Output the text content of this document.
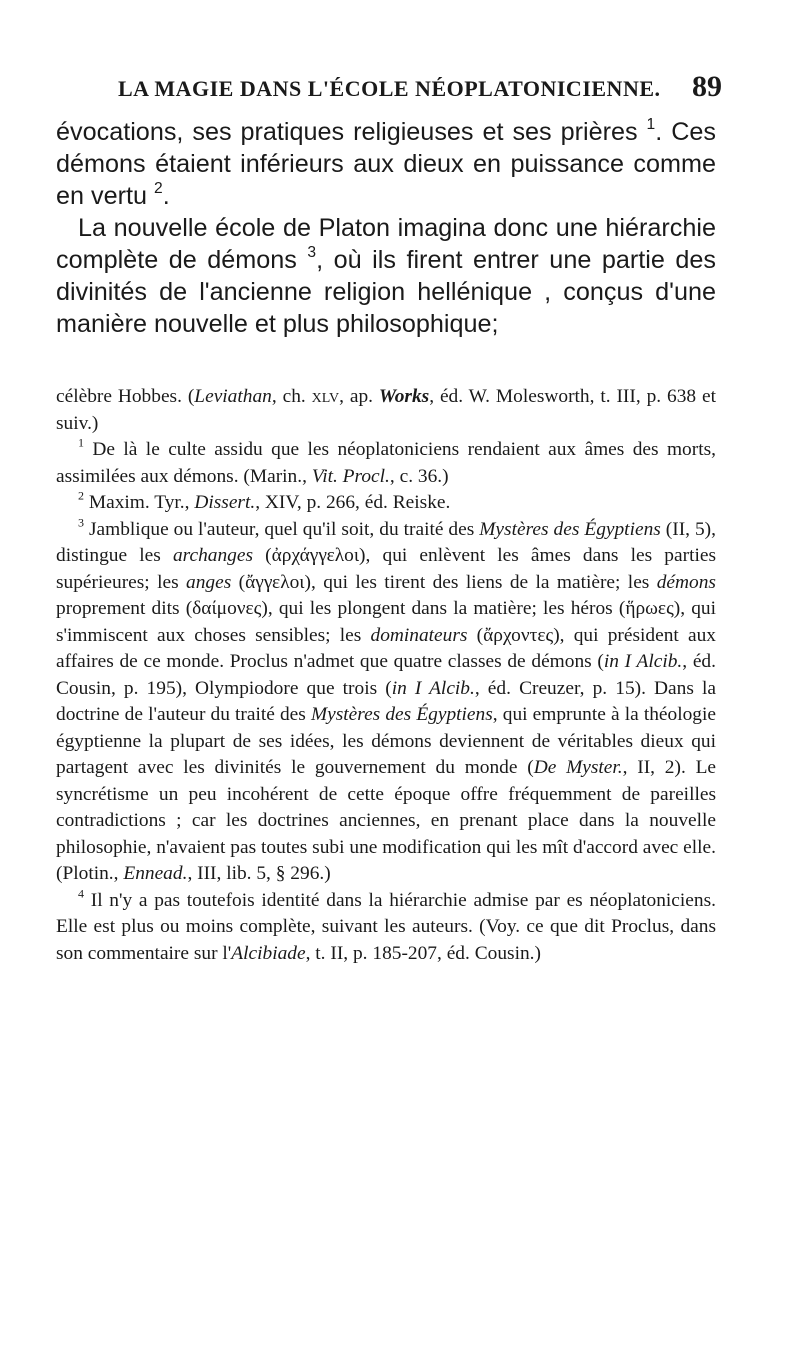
LA MAGIE DANS L'ÉCOLE NÉOPLATONICIENNE. 89

évocations, ses pratiques religieuses et ses prières $^1$. Ces démons étaient inférieurs aux dieux en puissance comme en vertu $^2$.

La nouvelle école de Platon imagina donc une hiérarchie complète de démons $^3$, où ils firent entrer une partie des divinités de l'ancienne religion hellénique , conçus d'une manière nouvelle et plus philosophique;

célèbre Hobbes. (Leviathan, ch. xlv, ap. Works, éd. W. Molesworth, t. III, p. 638 et suiv.)

$^1$ De là le culte assidu que les néoplatoniciens rendaient aux âmes des morts, assimilées aux démons. (Marin., Vit. Procl., c. 36.)

$^2$ Maxim. Tyr., Dissert., XIV, p. 266, éd. Reiske.

$^3$ Jamblique ou l'auteur, quel qu'il soit, du traité des Mystères des Égyptiens (II, 5), distingue les archanges (ἀρχάγγελοι), qui enlèvent les âmes dans les parties supérieures; les anges (ἄγγελοι), qui les tirent des liens de la matière; les démons proprement dits (δαίμονες), qui les plongent dans la matière; les héros (ἥρωες), qui s'immiscent aux choses sensibles; les dominateurs (ἄρχοντες), qui président aux affaires de ce monde. Proclus n'admet que quatre classes de démons (in I Alcib., éd. Cousin, p. 195), Olympiodore que trois (in I Alcib., éd. Creuzer, p. 15). Dans la doctrine de l'auteur du traité des Mystères des Égyptiens, qui emprunte à la théologie égyptienne la plupart de ses idées, les démons deviennent de véritables dieux qui partagent avec les divinités le gouvernement du monde (De Myster., II, 2). Le syncrétisme un peu incohérent de cette époque offre fréquemment de pareilles contradictions ; car les doctrines anciennes, en prenant place dans la nouvelle philosophie, n'avaient pas toutes subi une modification qui les mît d'accord avec elle. (Plotin., Ennead., III, lib. 5, § 296.)

$^4$ Il n'y a pas toutefois identité dans la hiérarchie admise par es néoplatoniciens. Elle est plus ou moins complète, suivant les auteurs. (Voy. ce que dit Proclus, dans son commentaire sur l'Alcibiade, t. II, p. 185-207, éd. Cousin.)
